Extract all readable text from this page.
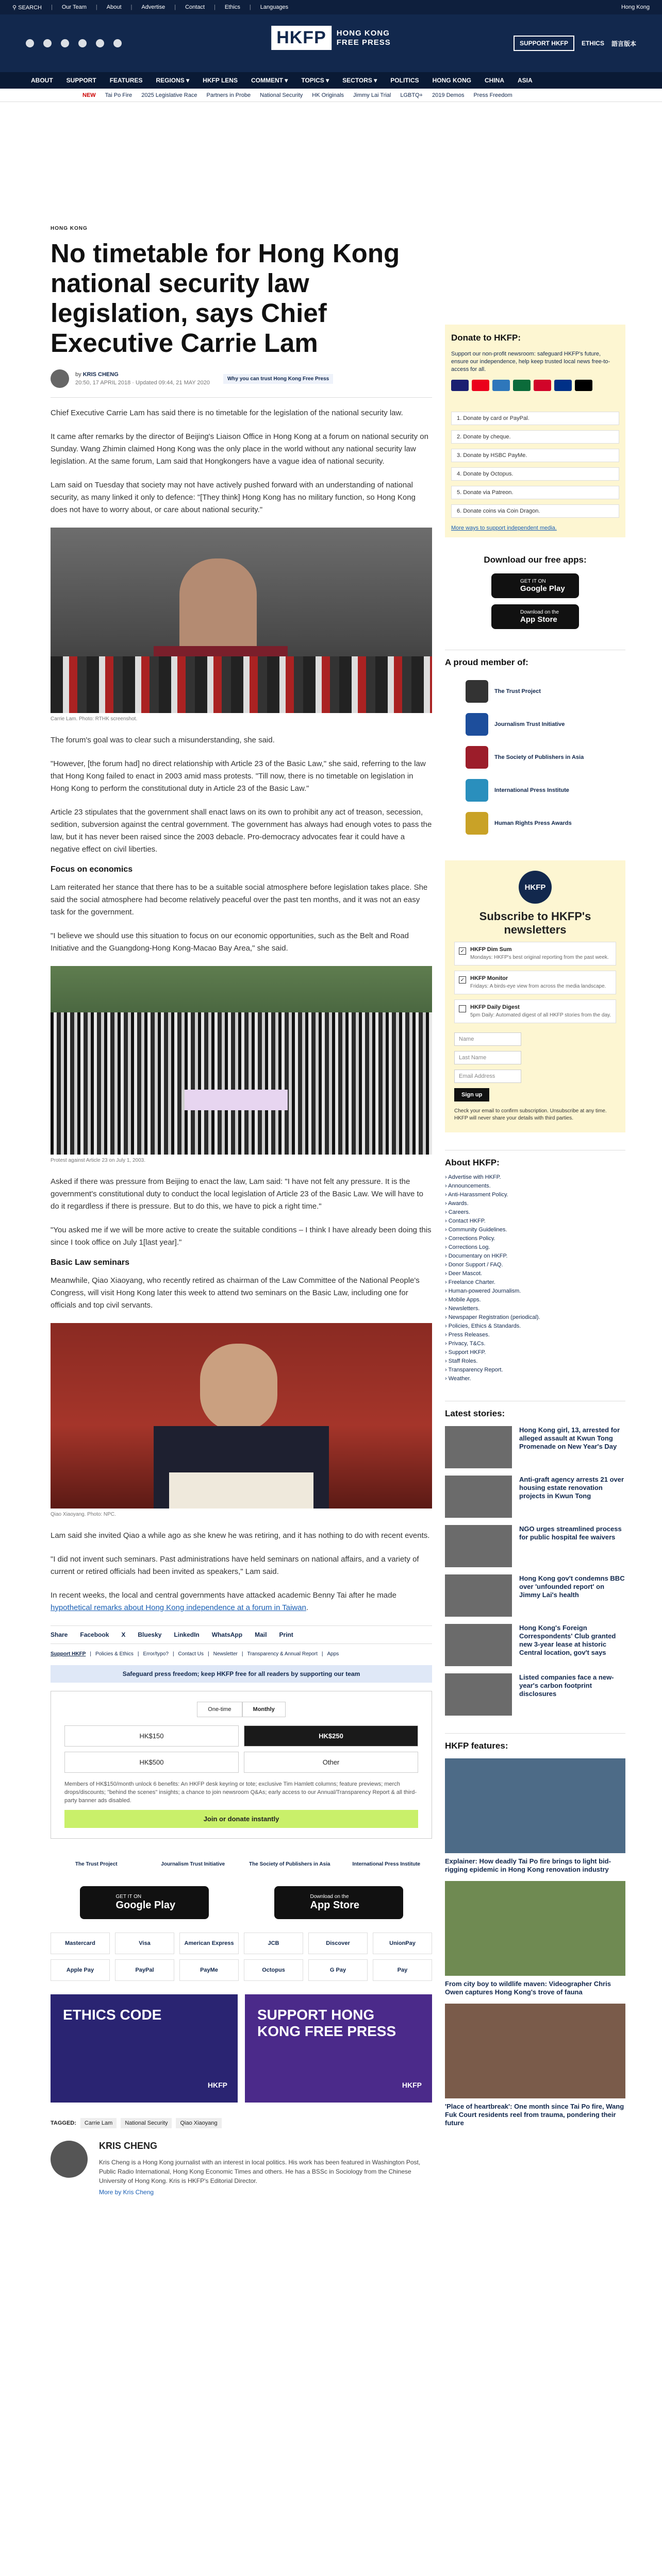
⚲ SEARCH | Our Team | About | Advertise | Contact | Ethics | Languages	Hong Kong
HKFP	HONG KONG
FREE PRESS	SUPPORT HKFP	ETHICS 語言版本
ABOUT SUPPORT FEATURES REGIONS ▾ HKFP LENS COMMENT ▾ TOPICS ▾ SECTORS ▾ POLITICS HONG KONG CHINA ASIA
NEW Tai Po Fire 2025 Legislative Race Partners in Probe National Security HK Originals Jimmy Lai Trial LGBTQ+ 2019 Demos Press Freedom
HONG KONG
No timetable for Hong Kong national security law legislation, says Chief Executive Carrie Lam
by KRIS CHENG
20:50, 17 APRIL 2018 · Updated 09:44, 21 MAY 2020
Why you can trust Hong Kong Free Press

Chief Executive Carrie Lam has said there is no timetable for the legislation of the national security law.

It came after remarks by the director of Beijing's Liaison Office in Hong Kong at a forum on national security on Sunday. Wang Zhimin claimed Hong Kong was the only place in the world without any national security law legislation. At the same forum, Lam said that Hongkongers have a vague idea of national security.

Lam said on Tuesday that society may not have actively pushed forward with an understanding of national security, as many linked it only to defence: "[They think] Hong Kong has no military function, so Hong Kong does not have to worry about, or care about national security."

Carrie Lam. Photo: RTHK screenshot.

The forum's goal was to clear such a misunderstanding, she said.

"However, [the forum had] no direct relationship with Article 23 of the Basic Law," she said, referring to the law that Hong Kong failed to enact in 2003 amid mass protests. "Till now, there is no timetable on legislation in Hong Kong to perform the constitutional duty in Article 23 of the Basic Law."

Article 23 stipulates that the government shall enact laws on its own to prohibit any act of treason, secession, sedition, subversion against the central government. The government has always had enough votes to pass the law, but it has never been raised since the 2003 debacle. Pro-democracy advocates fear it could have a negative effect on civil liberties.

Focus on economics

Lam reiterated her stance that there has to be a suitable social atmosphere before legislation takes place. She said the social atmosphere had become relatively peaceful over the past ten months, and it was not an easy task for the government.

"I believe we should use this situation to focus on our economic opportunities, such as the Belt and Road Initiative and the Guangdong-Hong Kong-Macao Bay Area," she said.

Protest against Article 23 on July 1, 2003.

Asked if there was pressure from Beijing to enact the law, Lam said: "I have not felt any pressure. It is the government's constitutional duty to conduct the local legislation of Article 23 of the Basic Law. We will have to do it regardless if there is pressure. But to do this, we have to pick a right time."

"You asked me if we will be more active to create the suitable conditions – I think I have already been doing this since I took office on July 1[last year]."

Basic Law seminars

Meanwhile, Qiao Xiaoyang, who recently retired as chairman of the Law Committee of the National People's Congress, will visit Hong Kong later this week to attend two seminars on the Basic Law, including one for officials and top civil servants.

Qiao Xiaoyang. Photo: NPC.

Lam said she invited Qiao a while ago as she knew he was retiring, and it has nothing to do with recent events.

"I did not invent such seminars. Past administrations have held seminars on national affairs, and a variety of current or retired officials had been invited as speakers," Lam said.

In recent weeks, the local and central governments have attacked academic Benny Tai after he made hypothetical remarks about Hong Kong independence at a forum in Taiwan.

Share Facebook X Bluesky LinkedIn WhatsApp Mail Print
Support HKFP | Policies & Ethics | Error/typo? | Contact Us | Newsletter | Transparency & Annual Report | Apps
Safeguard press freedom; keep HKFP free for all readers by supporting our team
One-time	Monthly
HK$150	HK$250
HK$500	Other
Members of HK$150/month unlock 6 benefits: An HKFP desk keyring or tote; exclusive Tim Hamlett columns; feature previews; merch drops/discounts; "behind the scenes" insights; a chance to join newsroom Q&As; early access to our Annual/Transparency Report & all third-party banner ads disabled.
Join or donate instantly
The Trust Project	Journalism Trust Initiative	The Society of Publishers in Asia	International Press Institute
GET IT ON
Google Play
Download on the
App Store
Mastercard	Visa	American Express	JCB	Discover	UnionPay
Apple Pay	PayPal	PayMe	Octopus	G Pay	Pay
ETHICS CODE
HKFP
SUPPORT HONG KONG FREE PRESS
HKFP
TAGGED:	Carrie Lam	National Security	Qiao Xiaoyang
KRIS CHENG

Kris Cheng is a Hong Kong journalist with an interest in local politics. His work has been featured in Washington Post, Public Radio International, Hong Kong Economic Times and others. He has a BSSc in Sociology from the Chinese University of Hong Kong. Kris is HKFP's Editorial Director.

More by Kris Cheng
Donate to HKFP:

Support our non-profit newsroom: safeguard HKFP's future, ensure our independence, help keep trusted local news free-to-access for all.

1. Donate by card or PayPal.
2. Donate by cheque.
3. Donate by HSBC PayMe.
4. Donate by Octopus.
5. Donate via Patreon.
6. Donate coins via Coin Dragon.
More ways to support independent media.
Download our free apps:
GET IT ON
Google Play
Download on the
App Store
A proud member of:
The Trust Project
Journalism Trust Initiative
The Society of Publishers in Asia
International Press Institute
Human Rights Press Awards
HKFP
Subscribe to HKFP's newsletters
✓ HKFP Dim Sum
Mondays: HKFP's best original reporting from the past week.
✓ HKFP Monitor
Fridays: A birds-eye view from across the media landscape.
HKFP Daily Digest
5pm Daily: Automated digest of all HKFP stories from the day.
Name
Last Name
Email Address
Sign up

Check your email to confirm subscription. Unsubscribe at any time. HKFP will never share your details with third parties.

About HKFP:
› Advertise with HKFP.
› Announcements.
› Anti-Harassment Policy.
› Awards.
› Careers.
› Contact HKFP.
› Community Guidelines.
› Corrections Policy.
› Corrections Log.
› Documentary on HKFP.
› Donor Support / FAQ.
› Deer Mascot.
› Freelance Charter.
› Human-powered Journalism.
› Mobile Apps.
› Newsletters.
› Newspaper Registration (periodical).
› Policies, Ethics & Standards.
› Press Releases.
› Privacy, T&Cs.
› Support HKFP.
› Staff Roles.
› Transparency Report.
› Weather.
Latest stories:
Hong Kong girl, 13, arrested for alleged assault at Kwun Tong Promenade on New Year's Day
Anti-graft agency arrests 21 over housing estate renovation projects in Kwun Tong
NGO urges streamlined process for public hospital fee waivers
Hong Kong gov't condemns BBC over 'unfounded report' on Jimmy Lai's health
Hong Kong's Foreign Correspondents' Club granted new 3-year lease at historic Central location, gov't says
Listed companies face a new-year's carbon footprint disclosures
HKFP features:
Explainer: How deadly Tai Po fire brings to light bid-rigging epidemic in Hong Kong renovation industry
From city boy to wildlife maven: Videographer Chris Owen captures Hong Kong's trove of fauna
'Place of heartbreak': One month since Tai Po fire, Wang Fuk Court residents reel from trauma, pondering their future
